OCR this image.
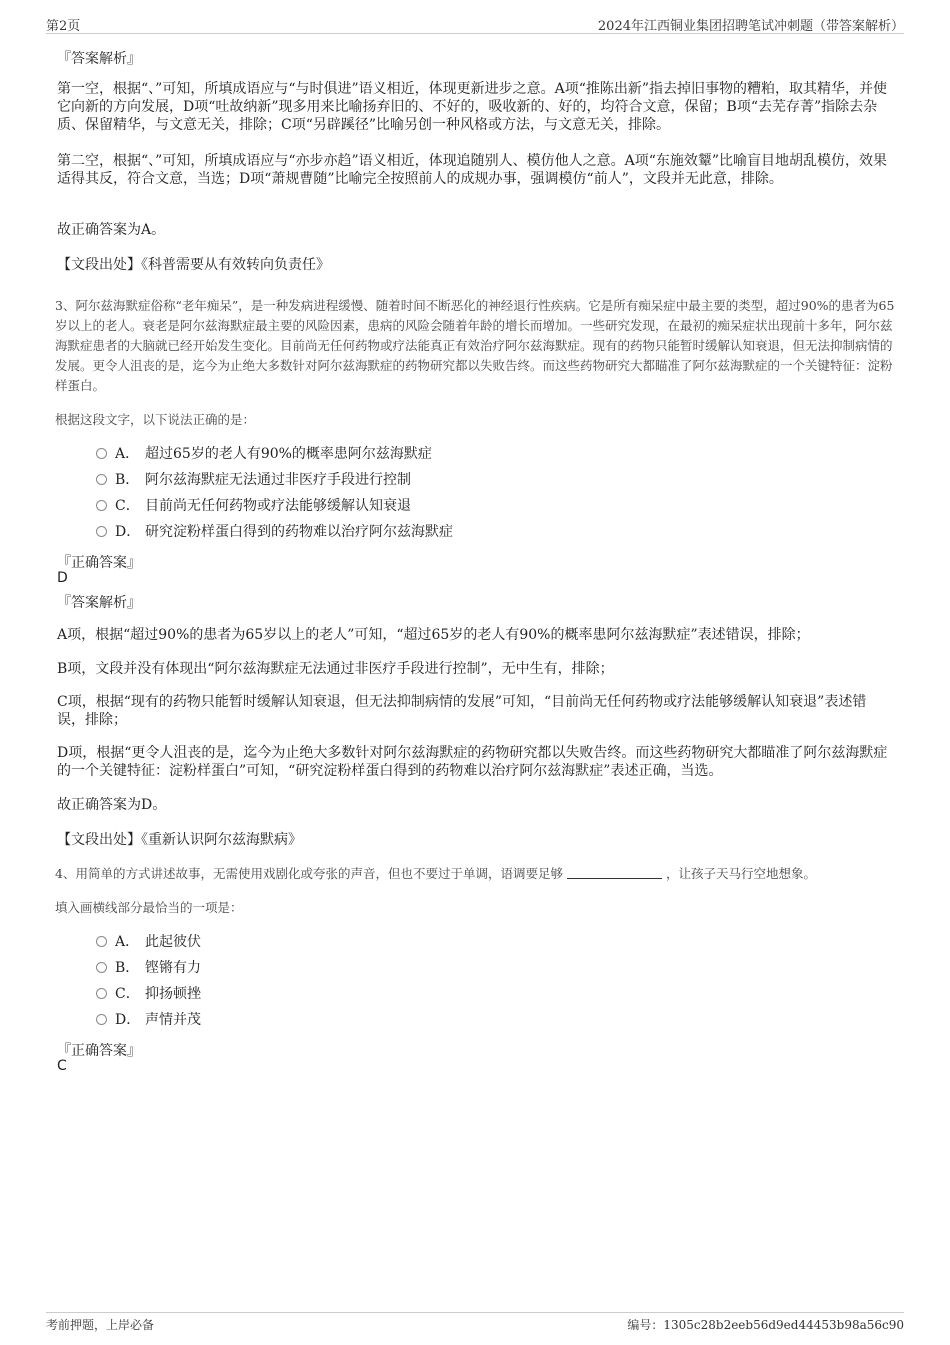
第2页	2024年江西铜业集团招聘笔试冲刺题（带答案解析）
『答案解析』
第一空，根据“、”可知，所填成语应与“与时俱进”语义相近，体现更新进步之意。A项“推陈出新”指去掉旧事物的糟粕，取其精华，并使它向新的方向发展，D项“吐故纳新”现多用来比喻扬弃旧的、不好的，吸收新的、好的，均符合文意，保留；B项“去芜存菁”指除去杂质、保留精华，与文意无关，排除；C项“另辟蹊径”比喻另创一种风格或方法，与文意无关，排除。
第二空，根据“、”可知，所填成语应与“亦步亦趋”语义相近，体现追随别人、模仿他人之意。A项“东施效颦”比喻盲目地胡乱模仿，效果适得其反，符合文意，当选；D项“萧规曹随”比喻完全按照前人的成规办事，强调模仿“前人”，文段并无此意，排除。
故正确答案为A。
【文段出处】《科普需要从有效转向负责任》
3、阿尔兹海默症俗称“老年痴呆”，是一种发病进程缓慢、随着时间不断恶化的神经退行性疾病。它是所有痴呆症中最主要的类型，超过90%的患者为65岁以上的老人。衰老是阿尔兹海默症最主要的风险因素，患病的风险会随着年龄的增长而增加。一些研究发现，在最初的痴呆症状出现前十多年，阿尔兹海默症患者的大脑就已经开始发生变化。目前尚无任何药物或疗法能真正有效治疗阿尔兹海默症。现有的药物只能暂时缓解认知衰退，但无法抑制病情的发展。更令人沮丧的是，迄今为止绝大多数针对阿尔兹海默症的药物研究都以失败告终。而这些药物研究大都瞄准了阿尔兹海默症的一个关键特征：淀粉样蛋白。
根据这段文字，以下说法正确的是：
A． 超过65岁的老人有90%的概率患阿尔兹海默症
B． 阿尔兹海默症无法通过非医疗手段进行控制
C． 目前尚无任何药物或疗法能够缓解认知衰退
D． 研究淀粉样蛋白得到的药物难以治疗阿尔兹海默症
『正确答案』
D
『答案解析』
A项，根据“超过90%的患者为65岁以上的老人”可知，“超过65岁的老人有90%的概率患阿尔兹海默症”表述错误，排除；
B项，文段并没有体现出“阿尔兹海默症无法通过非医疗手段进行控制”，无中生有，排除；
C项，根据“现有的药物只能暂时缓解认知衰退，但无法抑制病情的发展”可知，“目前尚无任何药物或疗法能够缓解认知衰退”表述错误，排除；
D项，根据“更令人沮丧的是，迄今为止绝大多数针对阿尔兹海默症的药物研究都以失败告终。而这些药物研究大都瞄准了阿尔兹海默症的一个关键特征：淀粉样蛋白”可知，“研究淀粉样蛋白得到的药物难以治疗阿尔兹海默症”表述正确，当选。
故正确答案为D。
【文段出处】《重新认识阿尔兹海默病》
4、用简单的方式讲述故事，无需使用戏剧化或夸张的声音，但也不要过于单调，语调要足够	，让孩子天马行空地想象。
填入画横线部分最恰当的一项是：
A． 此起彼伏
B． 铿锵有力
C． 抑扬顿挫
D． 声情并茂
『正确答案』
C
考前押题，上岸必备	编号：1305c28b2eeb56d9ed44453b98a56c90
